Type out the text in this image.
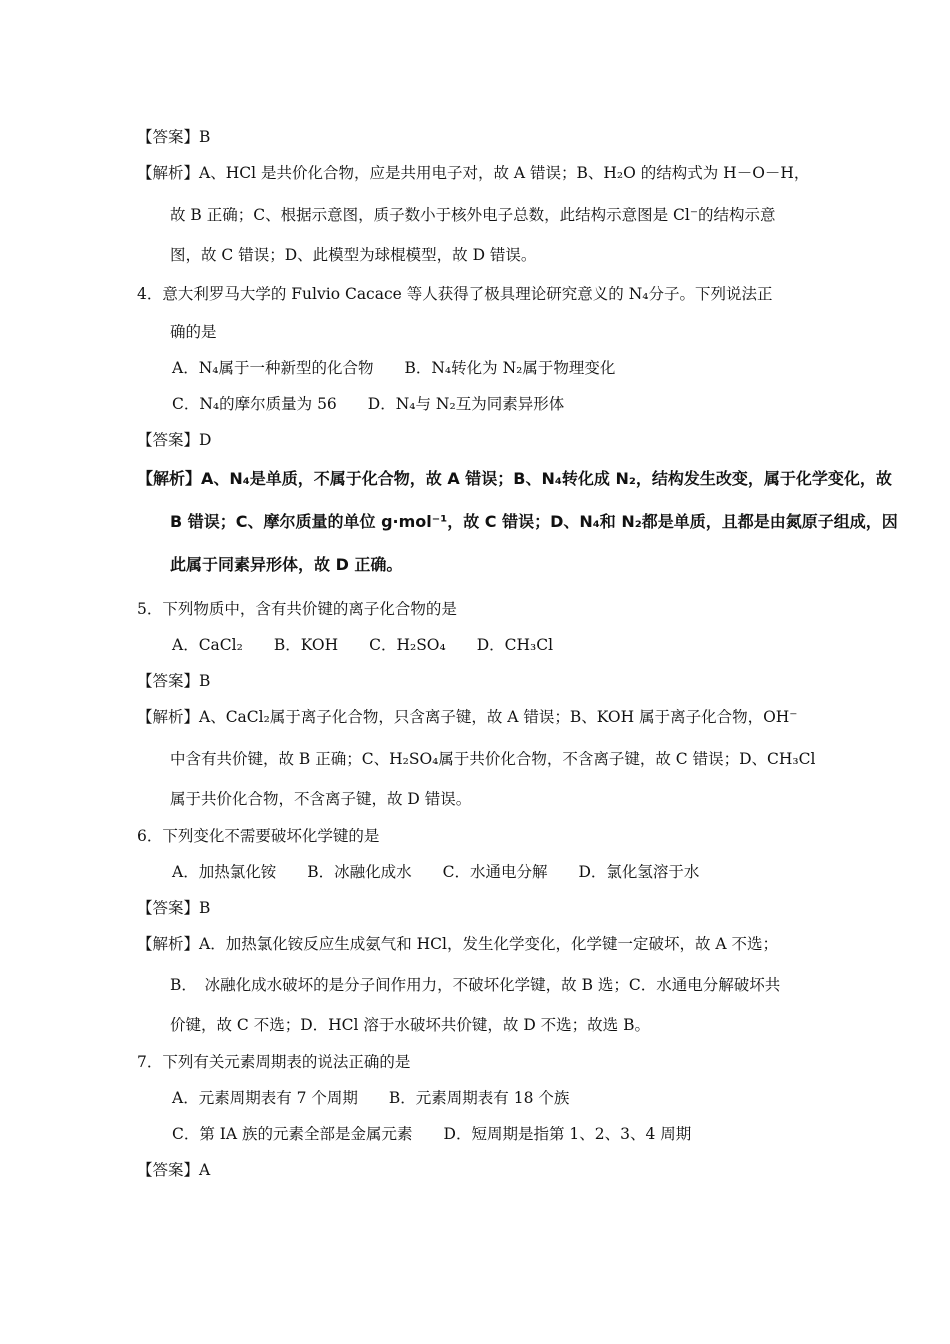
【答案】B
【解析】A、HCl 是共价化合物，应是共用电子对，故 A 错误；B、H₂O 的结构式为 H－O－H，
故 B 正确；C、根据示意图，质子数小于核外电子总数，此结构示意图是 Cl⁻的结构示意
图，故 C 错误；D、此模型为球棍模型，故 D 错误。
4．意大利罗马大学的 Fulvio Cacace 等人获得了极具理论研究意义的 N₄分子。下列说法正
确的是
A．N₄属于一种新型的化合物　　B．N₄转化为 N₂属于物理变化
C．N₄的摩尔质量为 56　　D．N₄与 N₂互为同素异形体
【答案】D
【解析】A、N₄是单质，不属于化合物，故 A 错误；B、N₄转化成 N₂，结构发生改变，属于化学变化，故
B 错误；C、摩尔质量的单位 g·mol⁻¹，故 C 错误；D、N₄和 N₂都是单质，且都是由氮原子组成，因
此属于同素异形体，故 D 正确。
5．下列物质中，含有共价键的离子化合物的是
A．CaCl₂　　B．KOH　　C．H₂SO₄　　D．CH₃Cl
【答案】B
【解析】A、CaCl₂属于离子化合物，只含离子键，故 A 错误；B、KOH 属于离子化合物，OH⁻
中含有共价键，故 B 正确；C、H₂SO₄属于共价化合物，不含离子键，故 C 错误；D、CH₃Cl
属于共价化合物，不含离子键，故 D 错误。
6．下列变化不需要破坏化学键的是
A．加热氯化铵　　B．冰融化成水　　C．水通电分解　　D．氯化氢溶于水
【答案】B
【解析】A．加热氯化铵反应生成氨气和 HCl，发生化学变化，化学键一定破坏，故 A 不选；
B．　冰融化成水破坏的是分子间作用力，不破坏化学键，故 B 选；C．水通电分解破坏共
价键，故 C 不选；D．HCl 溶于水破坏共价键，故 D 不选；故选 B。
7．下列有关元素周期表的说法正确的是
A．元素周期表有 7 个周期　　B．元素周期表有 18 个族
C．第 IA 族的元素全部是金属元素　　D．短周期是指第 1、2、3、4 周期
【答案】A
